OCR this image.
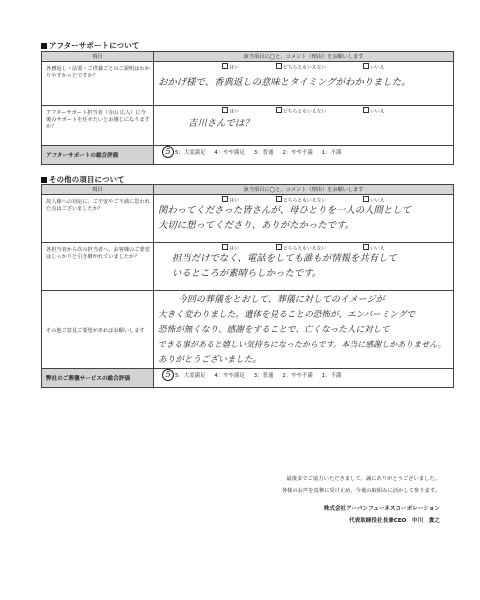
アフターサポートについて
項目	該当項目に◯と、コメント（理由）をお願いします
各務返し・法要・ご供養ごとのご説明はわかりやすかったですか？	はい どちらともいえない いいえ
おかげ様で、香典返しの意味とタイミングがわかりました。

アフターサポート担当者（寺山 広入）に今後のサポートを任せたいとお感じになりますか？	はい どちらともいえない いいえ
吉川さんでは？

アフターサポートの総合評価	5 5：大変満足 4：やや満足 3：普通 2：やや不満 1：不満
その他の項目について
項目	該当項目に◯と、コメント（理由）をお願いします
故人様への対応に、ご不安やご不満に思われた点はございましたか？	はい どちらともいえない いいえ
関わってくださった皆さんが、母ひとりを一人の人間として
大切に想ってくださり、ありがたかったです。

各担当者から次の担当者へ、お客様のご要望はしっかりと引き継がれていましたか？	はい どちらともいえない いいえ
担当だけでなく、電話をしても誰もが情報を共有して
いるところが素晴らしかったです。

その他ご意見ご要望があればお願いします	今回の葬儀をとおして、葬儀に対してのイメージが
大きく変わりました。遺体を見ることの恐怖が、エンバーミングで
恐怖が無くなり、感謝をすることで、亡くなった人に対して
できる事があると嬉しい気持ちになったからです。本当に感謝しかありません。
ありがとうございました。

弊社のご葬儀サービスの総合評価	5 5：大変満足 4：やや満足 3：普通 2：やや不満 1：不満
最後までご協力いただきまして、誠にありがとうございました。
各様のお声を真摯に受け止め、今後の取組みに活かして参ります。
株式会社アーバンフューネスコーポレーション
代表取締役社長兼CEO　中川　貴之
